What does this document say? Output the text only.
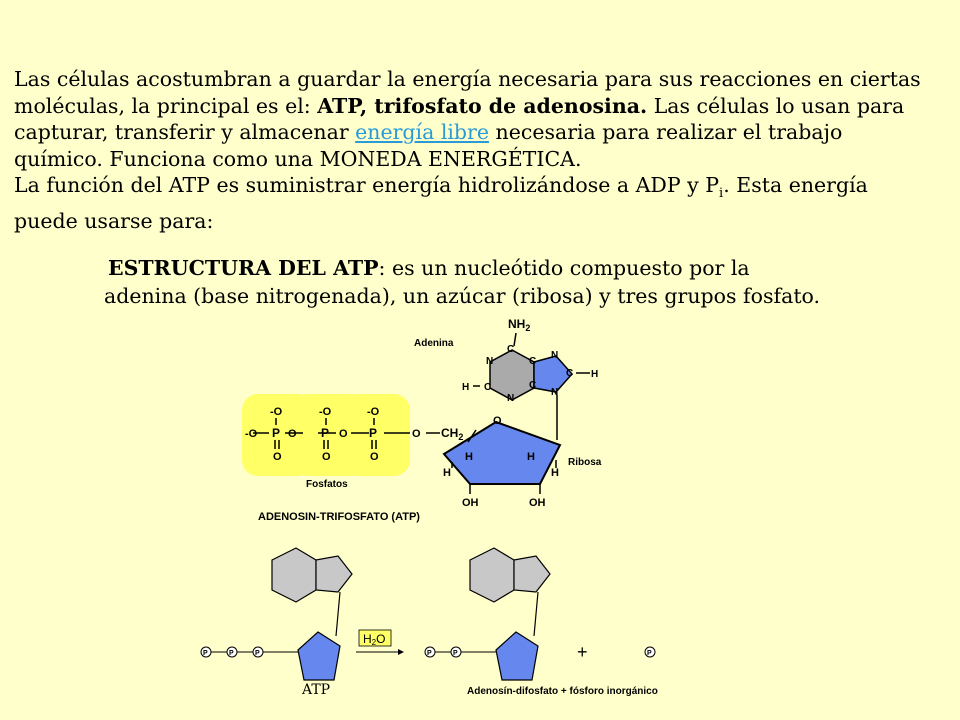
Las células acostumbran a guardar la energía necesaria para sus reacciones en ciertas moléculas, la principal es el: ATP, trifosfato de adenosina. Las células lo usan para capturar, transferir y almacenar energía libre necesaria para realizar el trabajo químico. Funciona como una MONEDA ENERGÉTICA.
La función del ATP es suministrar energía hidrolizándose a ADP y $P_i$. Esta energía puede usarse para:
ESTRUCTURA DEL ATP: es un nucleótido compuesto por la
adenina (base nitrogenada), un azúcar (ribosa) y tres grupos fosfato.
Adenina
$NH_2$
C
N	C
N
C H
H C	C
N
N
-O	-O	-O
-O P O P O P	O
O	O	O
$CH_2$
O
H	H
H	H
OH	OH
Ribosa
Fosfatos
ADENOSIN-TRIFOSFATO (ATP)
P	P	P
H2O
P	P	+	P
ATP	Adenosín-difosfato + fósforo inorgánico
